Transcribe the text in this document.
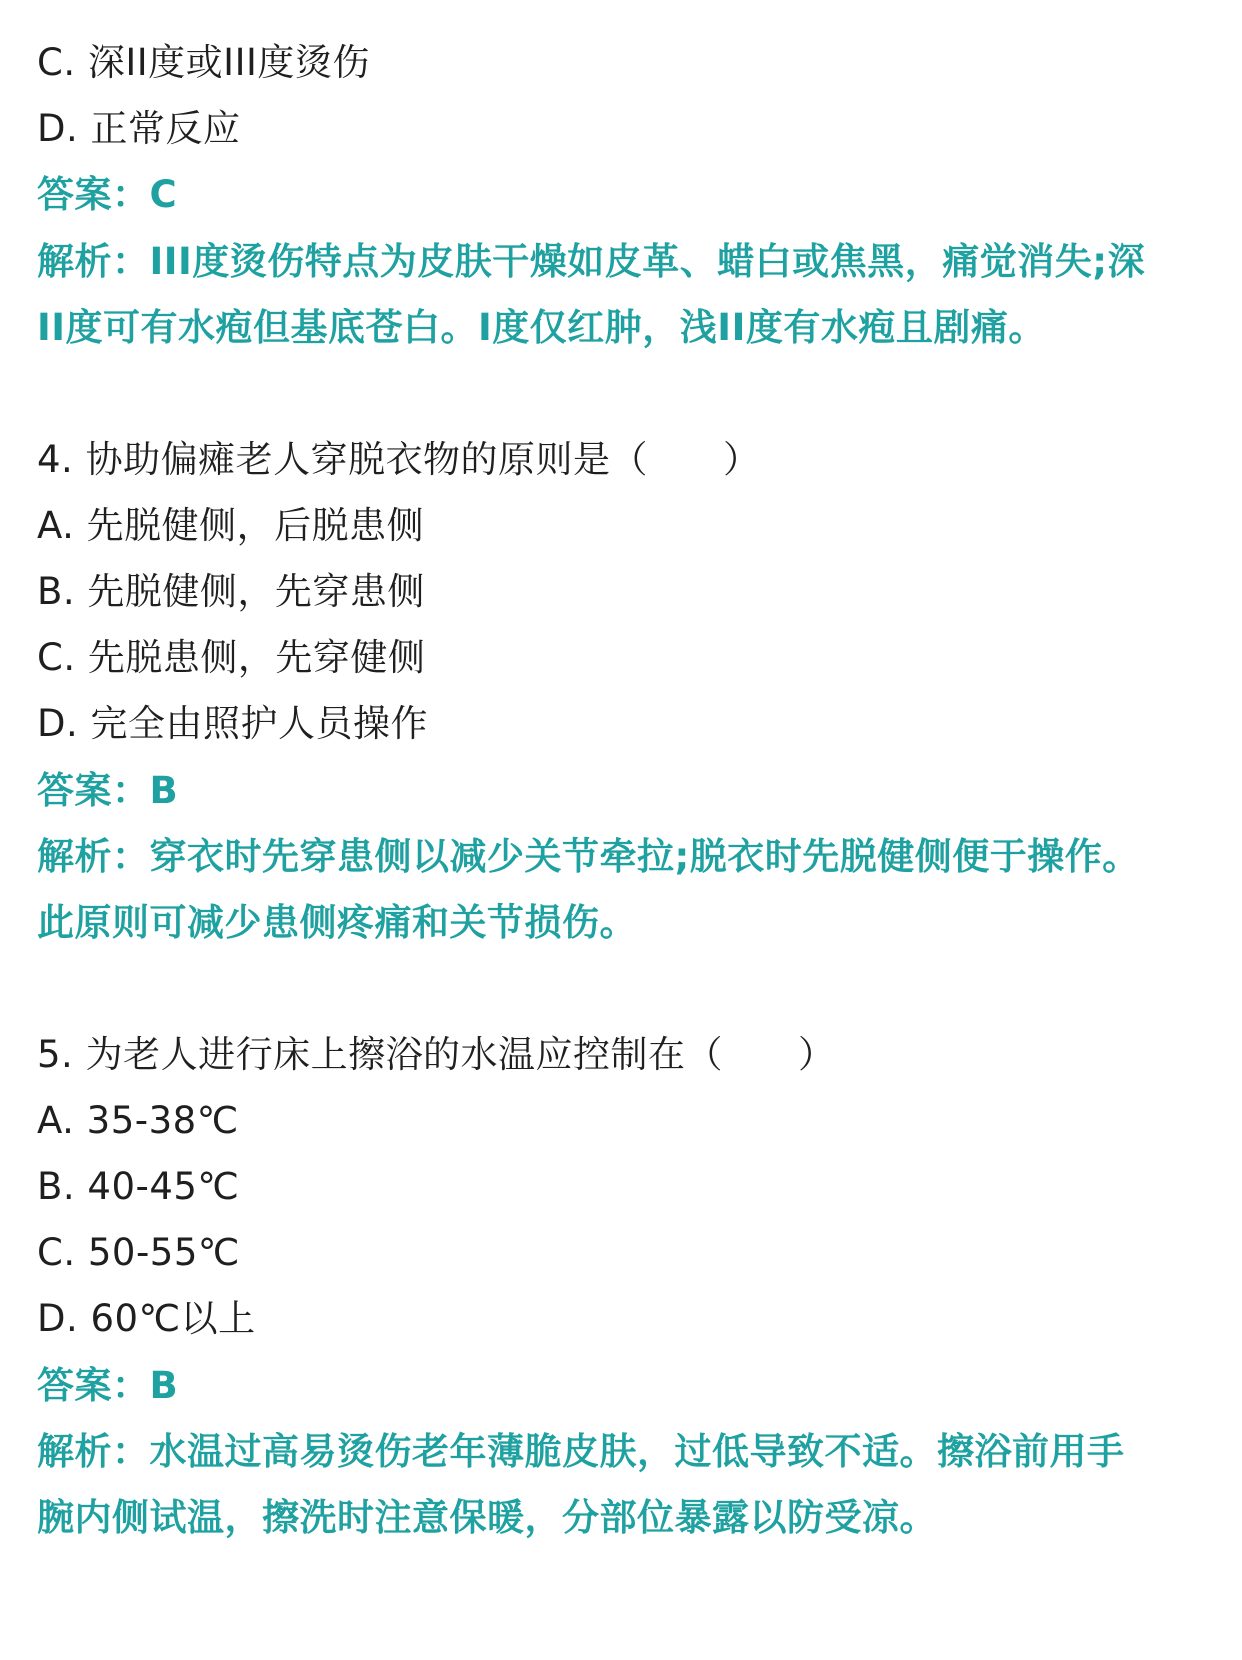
C. 深II度或III度烫伤
D. 正常反应
答案：C
解析：III度烫伤特点为皮肤干燥如皮革、蜡白或焦黑，痛觉消失;深
II度可有水疱但基底苍白。I度仅红肿，浅II度有水疱且剧痛。
4. 协助偏瘫老人穿脱衣物的原则是（　　）
A. 先脱健侧，后脱患侧
B. 先脱健侧，先穿患侧
C. 先脱患侧，先穿健侧
D. 完全由照护人员操作
答案：B
解析：穿衣时先穿患侧以减少关节牵拉;脱衣时先脱健侧便于操作。
此原则可减少患侧疼痛和关节损伤。
5. 为老人进行床上擦浴的水温应控制在（　　）
A. 35-38℃
B. 40-45℃
C. 50-55℃
D. 60℃以上
答案：B
解析：水温过高易烫伤老年薄脆皮肤，过低导致不适。擦浴前用手
腕内侧试温，擦洗时注意保暖，分部位暴露以防受凉。
